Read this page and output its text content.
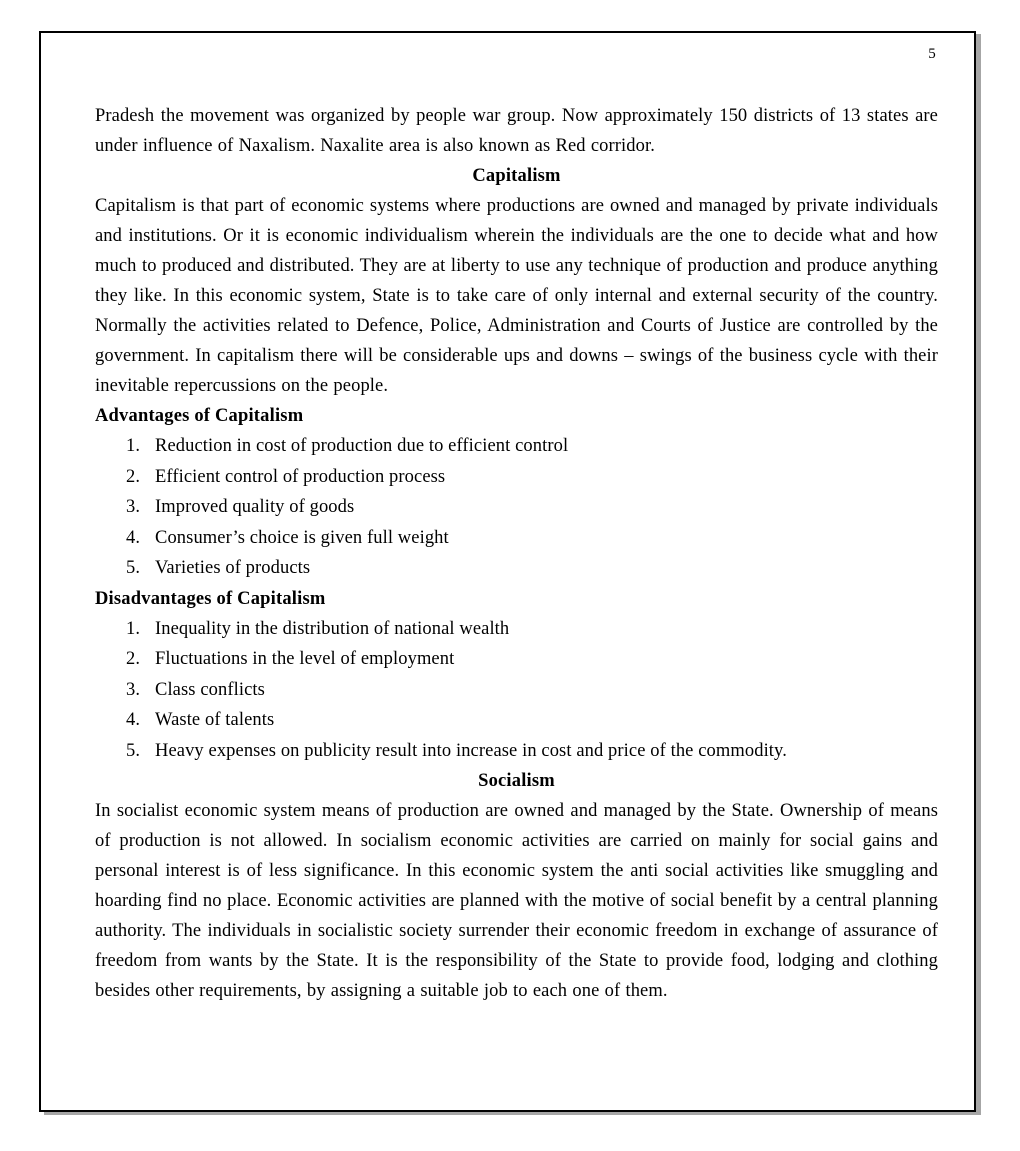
5

Pradesh the movement was organized by people war group. Now approximately 150 districts of 13 states are under influence of Naxalism. Naxalite area is also known as Red corridor.

Capitalism

Capitalism is that part of economic systems where productions are owned and managed by private individuals and institutions. Or it is economic individualism wherein the individuals are the one to decide what and how much to produced and distributed. They are at liberty to use any technique of production and produce anything they like. In this economic system, State is to take care of only internal and external security of the country. Normally the activities related to Defence, Police, Administration and Courts of Justice are controlled by the government. In capitalism there will be considerable ups and downs – swings of the business cycle with their inevitable repercussions on the people.

Advantages of Capitalism
1. Reduction in cost of production due to efficient control
2. Efficient control of production process
3. Improved quality of goods
4. Consumer’s choice is given full weight
5. Varieties of products
Disadvantages of Capitalism
1. Inequality in the distribution of national wealth
2. Fluctuations in the level of employment
3. Class conflicts
4. Waste of talents
5. Heavy expenses on publicity result into increase in cost and price of the commodity.
Socialism

In socialist economic system means of production are owned and managed by the State. Ownership of means of production is not allowed. In socialism economic activities are carried on mainly for social gains and personal interest is of less significance. In this economic system the anti social activities like smuggling and hoarding find no place. Economic activities are planned with the motive of social benefit by a central planning authority. The individuals in socialistic society surrender their economic freedom in exchange of assurance of freedom from wants by the State. It is the responsibility of the State to provide food, lodging and clothing besides other requirements, by assigning a suitable job to each one of them.
